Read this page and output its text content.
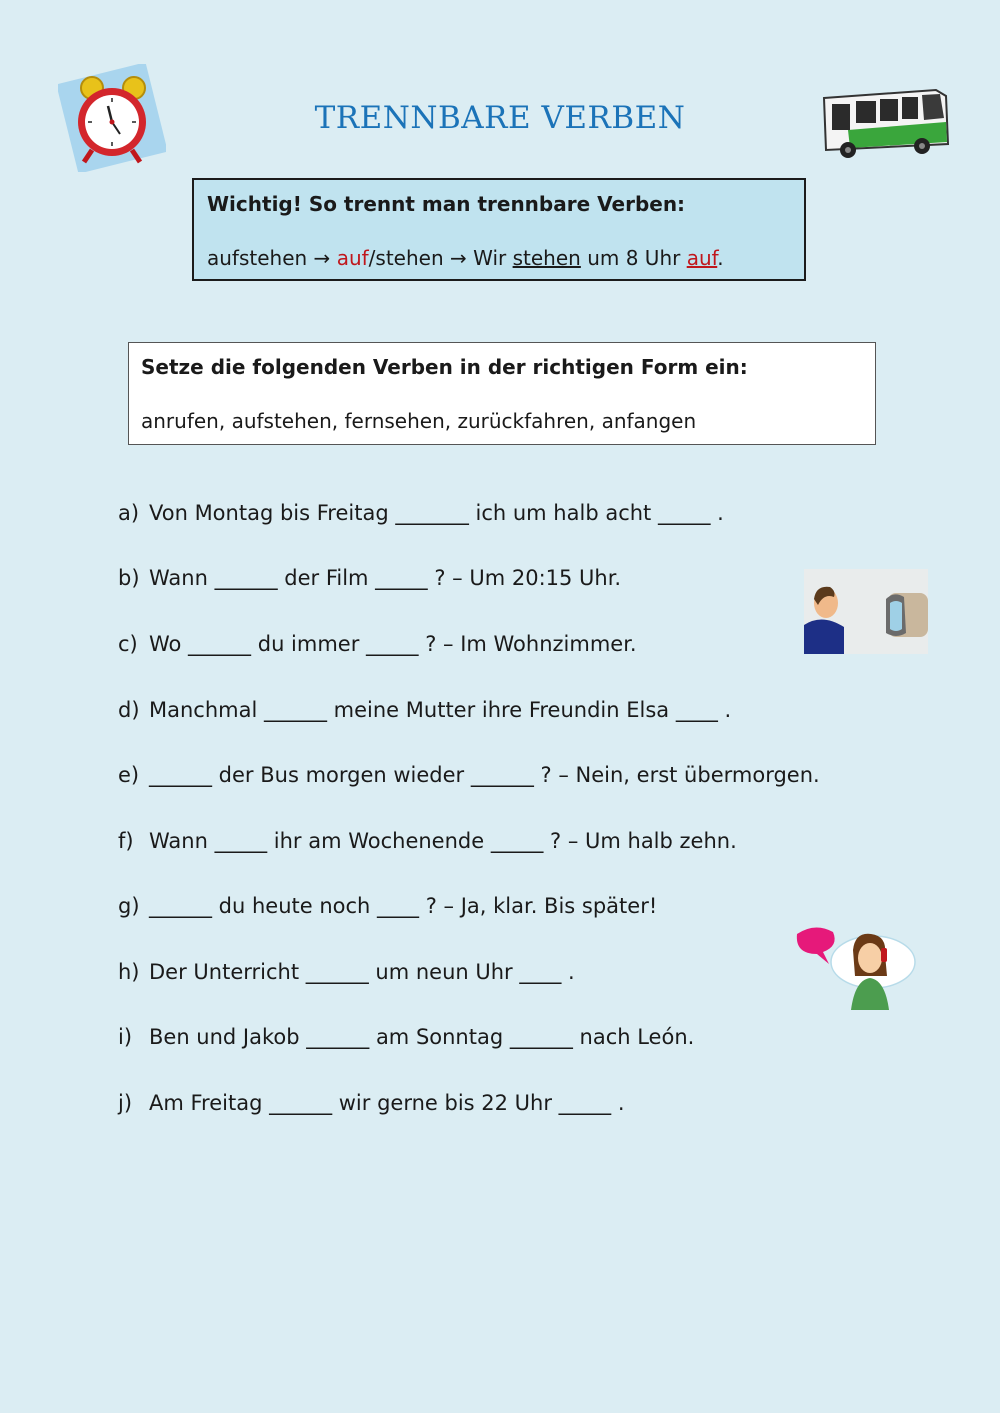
TRENNBARE VERBEN
Wichtig! So trennt man trennbare Verben:
aufstehen → auf/stehen → Wir stehen um 8 Uhr auf.
Setze die folgenden Verben in der richtigen Form ein:
anrufen, aufstehen, fernsehen, zurückfahren, anfangen
a) Von Montag bis Freitag _______ ich um halb acht _____ .
b) Wann ______ der Film _____ ? – Um 20:15 Uhr.
c) Wo ______ du immer _____ ? – Im Wohnzimmer.
d) Manchmal ______ meine Mutter ihre Freundin Elsa ____ .
e) ______ der Bus morgen wieder ______ ? – Nein, erst übermorgen.
f) Wann _____ ihr am Wochenende _____ ? – Um halb zehn.
g) ______ du heute noch ____ ? – Ja, klar. Bis später!
h) Der Unterricht ______ um neun Uhr ____ .
i) Ben und Jakob ______ am Sonntag ______ nach León.
j) Am Freitag ______ wir gerne bis 22 Uhr _____ .
